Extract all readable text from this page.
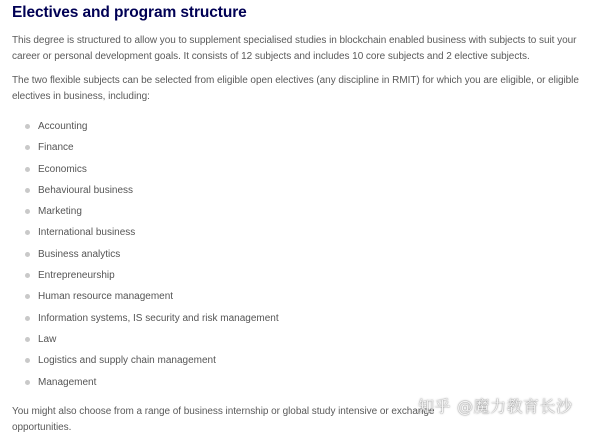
Electives and program structure

This degree is structured to allow you to supplement specialised studies in blockchain enabled business with subjects to suit your career or personal development goals. It consists of 12 subjects and includes 10 core subjects and 2 elective subjects.

The two flexible subjects can be selected from eligible open electives (any discipline in RMIT) for which you are eligible, or eligible electives in business, including:

Accounting
Finance
Economics
Behavioural business
Marketing
International business
Business analytics
Entrepreneurship
Human resource management
Information systems, IS security and risk management
Law
Logistics and supply chain management
Management

You might also choose from a range of business internship or global study intensive or exchange opportunities.

知乎 @魔力教育长沙
